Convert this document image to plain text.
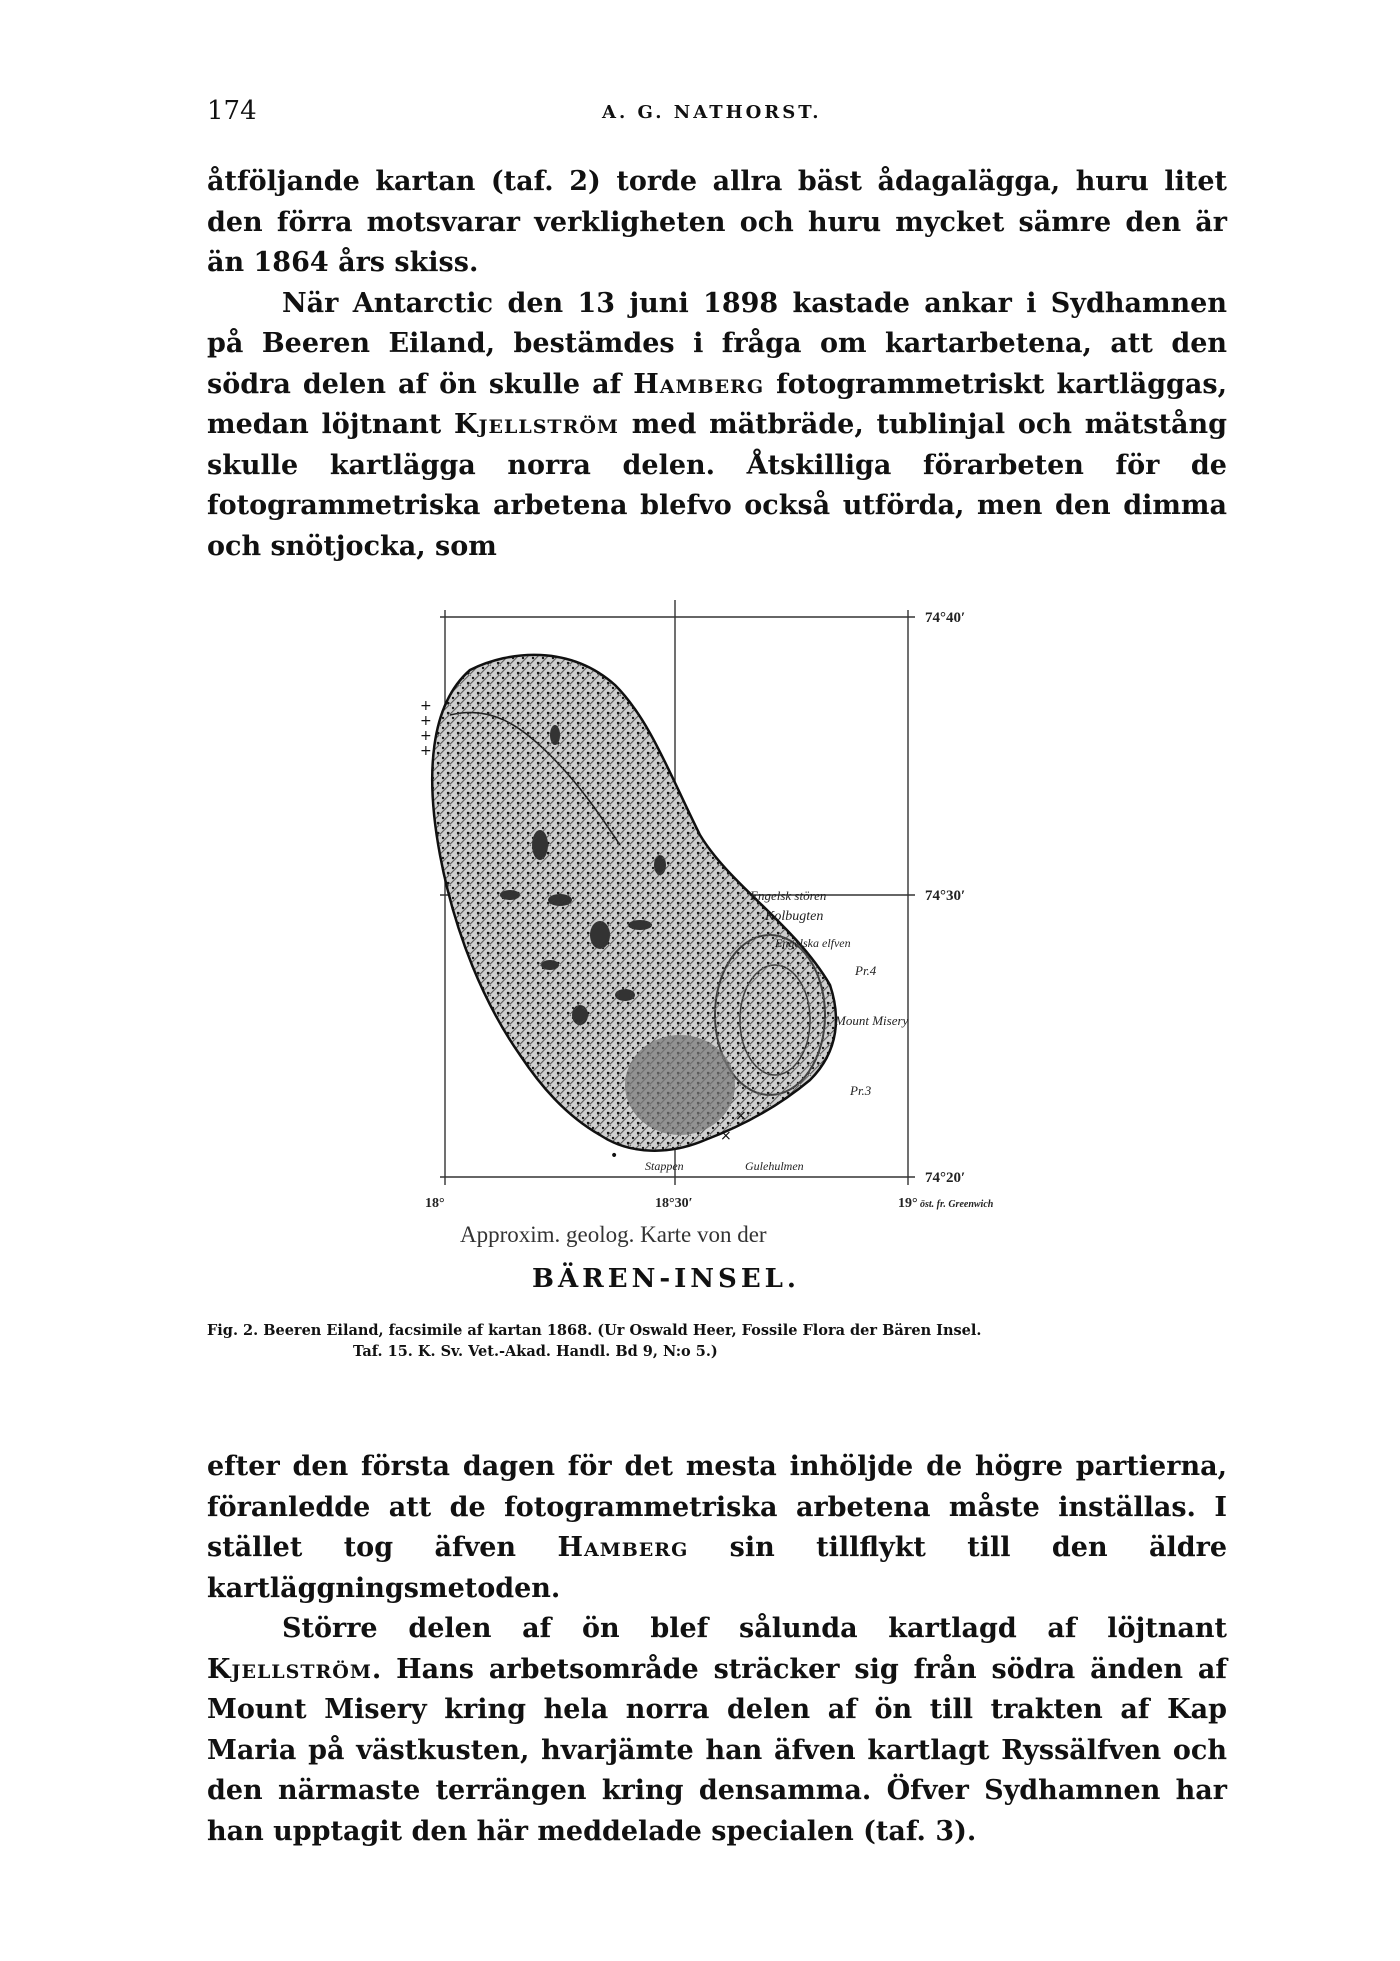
174	A. G. NATHORST.

åtföljande kartan (taf. 2) torde allra bäst ådagalägga, huru litet den förra motsvarar verkligheten och huru mycket sämre den är än 1864 års skiss.

När Antarctic den 13 juni 1898 kastade ankar i Sydhamnen på Beeren Eiland, bestämdes i fråga om kartarbetena, att den södra delen af ön skulle af Hamberg fotogrammetriskt kartläggas, medan löjtnant Kjellström med mätbräde, tublinjal och mätstång skulle kartlägga norra delen. Åtskilliga förarbeten för de fotogrammetriska arbetena blefvo också utförda, men den dimma och snötjocka, som

+
+
+
+
×
×
•
Engelsk stören
Kolbugten
Engelska elfven
Pr.4
Mount Misery
Pr.3
Stappen	Gulehulmen
74°40′
74°30′
74°20′
18°	18°30′	19° öst. fr. Greenwich
Approxim. geolog. Karte von der
BÄREN-INSEL.
Fig. 2. Beeren Eiland, facsimile af kartan 1868. (Ur Oswald Heer, Fossile Flora der Bären Insel.
Taf. 15. K. Sv. Vet.-Akad. Handl. Bd 9, N:o 5.)

efter den första dagen för det mesta inhöljde de högre partierna, föranledde att de fotogrammetriska arbetena måste inställas. I stället tog äfven Hamberg sin tillflykt till den äldre kartläggningsmetoden.

Större delen af ön blef sålunda kartlagd af löjtnant Kjellström. Hans arbetsområde sträcker sig från södra änden af Mount Misery kring hela norra delen af ön till trakten af Kap Maria på västkusten, hvarjämte han äfven kartlagt Ryssälfven och den närmaste terrängen kring densamma. Öfver Sydhamnen har han upptagit den här meddelade specialen (taf. 3).
